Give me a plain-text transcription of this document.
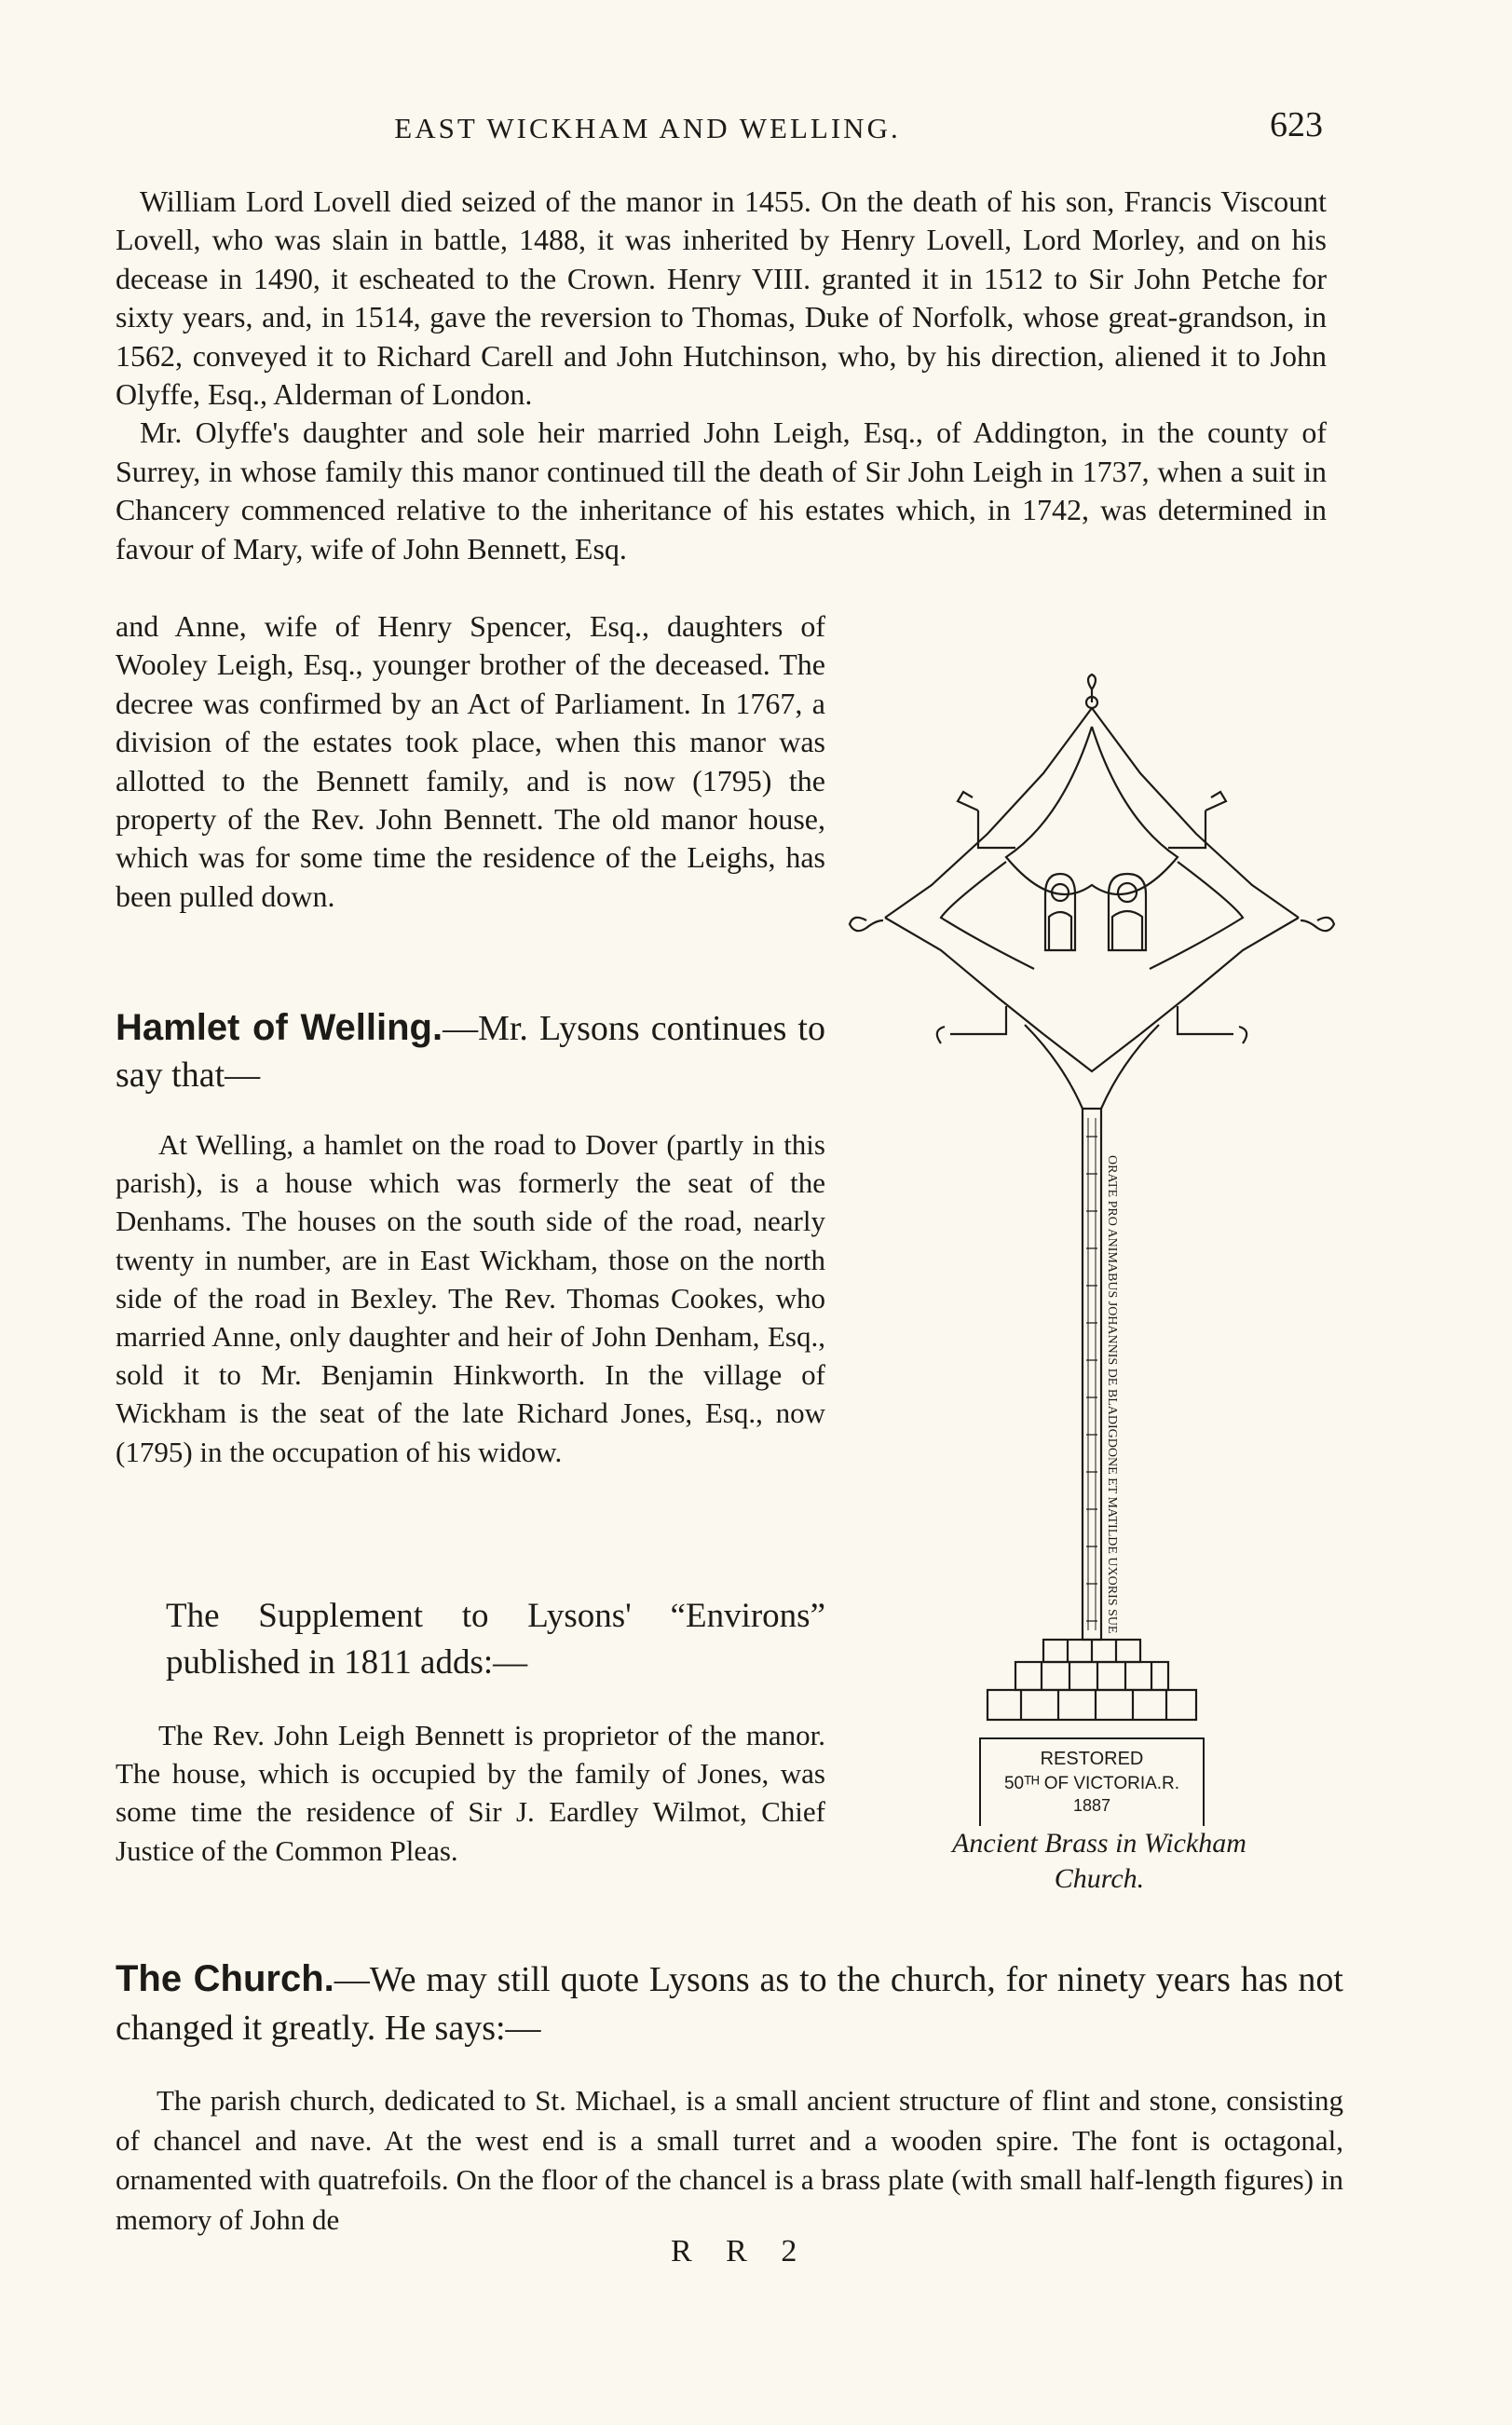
EAST WICKHAM AND WELLING.	623

William Lord Lovell died seized of the manor in 1455. On the death of his son, Francis Viscount Lovell, who was slain in battle, 1488, it was inherited by Henry Lovell, Lord Morley, and on his decease in 1490, it escheated to the Crown. Henry VIII. granted it in 1512 to Sir John Petche for sixty years, and, in 1514, gave the reversion to Thomas, Duke of Norfolk, whose great-grandson, in 1562, conveyed it to Richard Carell and John Hutchinson, who, by his direction, aliened it to John Olyffe, Esq., Alderman of London.

Mr. Olyffe's daughter and sole heir married John Leigh, Esq., of Addington, in the county of Surrey, in whose family this manor continued till the death of Sir John Leigh in 1737, when a suit in Chancery commenced relative to the inheritance of his estates which, in 1742, was determined in favour of Mary, wife of John Bennett, Esq.

and Anne, wife of Henry Spencer, Esq., daughters of Wooley Leigh, Esq., younger brother of the deceased. The decree was confirmed by an Act of Parliament. In 1767, a division of the estates took place, when this manor was allotted to the Bennett family, and is now (1795) the property of the Rev. John Bennett. The old manor house, which was for some time the residence of the Leighs, has been pulled down.
Hamlet of Welling.—Mr. Lysons continues to say that—
At Welling, a hamlet on the road to Dover (partly in this parish), is a house which was formerly the seat of the Denhams. The houses on the south side of the road, nearly twenty in number, are in East Wickham, those on the north side of the road in Bexley. The Rev. Thomas Cookes, who married Anne, only daughter and heir of John Denham, Esq., sold it to Mr. Benjamin Hinkworth. In the village of Wickham is the seat of the late Richard Jones, Esq., now (1795) in the occupation of his widow.
The Supplement to Lysons' “Environs” published in 1811 adds:—
The Rev. John Leigh Bennett is proprietor of the manor. The house, which is occupied by the family of Jones, was some time the residence of Sir J. Eardley Wilmot, Chief Justice of the Common Pleas.
ORATE PRO ANIMABUS JOHANNIS DE BLADIGDONE ET MATILDE UXORIS SUE
RESTORED
50ᵀᴴ OF VICTORIA.R.
1887
Ancient Brass in Wickham
Church.
The Church.—We may still quote Lysons as to the church, for ninety years has not changed it greatly. He says:—
The parish church, dedicated to St. Michael, is a small ancient structure of flint and stone, consisting of chancel and nave. At the west end is a small turret and a wooden spire. The font is octagonal, ornamented with quatrefoils. On the floor of the chancel is a brass plate (with small half-length figures) in memory of John de
R R 2
